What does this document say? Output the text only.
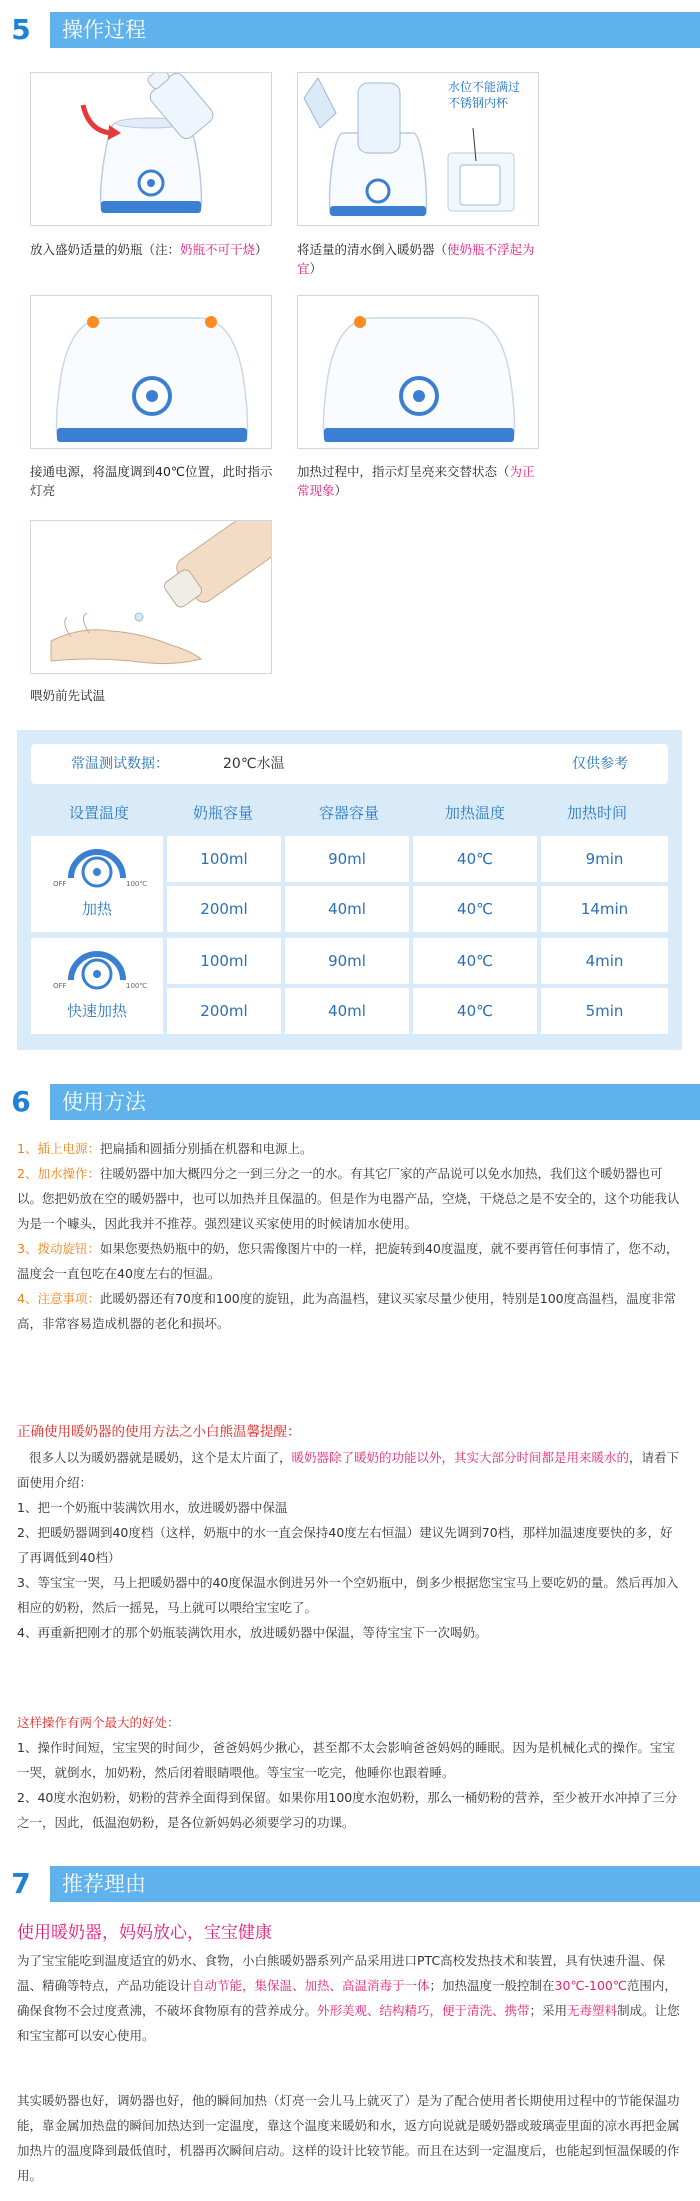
5	操作过程
放入盛奶适量的奶瓶（注：奶瓶不可干烧）
水位不能满过
不锈钢内杯
将适量的清水倒入暖奶器（使奶瓶不浮起为宜）
接通电源，将温度调到40℃位置，此时指示灯亮
加热过程中，指示灯呈亮来交替状态（为正常现象）
喂奶前先试温
常温测试数据：	20℃水温	仅供参考
设置温度	奶瓶容量	容器容量	加热温度	加热时间
OFF	100℃
加热
100ml	90ml	40℃	9min
200ml	40ml	40℃	14min
OFF	100℃
快速加热
100ml	90ml	40℃	4min
200ml	40ml	40℃	5min
6	使用方法
1、插上电源：把扁插和圆插分别插在机器和电源上。
2、加水操作：往暖奶器中加大概四分之一到三分之一的水。有其它厂家的产品说可以免水加热，我们这个暖奶器也可以。您把奶放在空的暖奶器中，也可以加热并且保温的。但是作为电器产品，空烧，干烧总之是不安全的，这个功能我认为是一个噱头，因此我并不推荐。强烈建议买家使用的时候请加水使用。
3、拨动旋钮：如果您要热奶瓶中的奶，您只需像图片中的一样，把旋转到40度温度，就不要再管任何事情了，您不动，温度会一直包吃在40度左右的恒温。
4、注意事项：此暖奶器还有70度和100度的旋钮，此为高温档，建议买家尽量少使用，特别是100度高温档，温度非常高，非常容易造成机器的老化和损坏。
正确使用暖奶器的使用方法之小白熊温馨提醒：
很多人以为暖奶器就是暖奶，这个是太片面了，暖奶器除了暖奶的功能以外，其实大部分时间都是用来暖水的，请看下面使用介绍：
1、把一个奶瓶中装满饮用水，放进暖奶器中保温
2、把暖奶器调到40度档（这样，奶瓶中的水一直会保持40度左右恒温）建议先调到70档，那样加温速度要快的多，好了再调低到40档）
3、等宝宝一哭，马上把暖奶器中的40度保温水倒进另外一个空奶瓶中，倒多少根据您宝宝马上要吃奶的量。然后再加入相应的奶粉，然后一摇晃，马上就可以喂给宝宝吃了。
4、再重新把刚才的那个奶瓶装满饮用水，放进暖奶器中保温，等待宝宝下一次喝奶。
这样操作有两个最大的好处：
1、操作时间短，宝宝哭的时间少，爸爸妈妈少揪心，甚至都不太会影响爸爸妈妈的睡眠。因为是机械化式的操作。宝宝一哭，就倒水，加奶粉，然后闭着眼睛喂他。等宝宝一吃完，他睡你也跟着睡。
2、40度水泡奶粉，奶粉的营养全面得到保留。如果你用100度水泡奶粉，那么一桶奶粉的营养，至少被开水冲掉了三分之一，因此，低温泡奶粉，是各位新妈妈必须要学习的功课。
7	推荐理由
使用暖奶器，妈妈放心，宝宝健康
为了宝宝能吃到温度适宜的奶水、食物，小白熊暖奶器系列产品采用进口PTC高校发热技术和装置，具有快速升温、保温、精确等特点，产品功能设计自动节能，集保温、加热、高温消毒于一体；加热温度一般控制在30℃-100℃范围内，确保食物不会过度煮沸，不破坏食物原有的营养成分。外形美观、结构精巧，便于清洗、携带；采用无毒塑料制成。让您和宝宝都可以安心使用。
其实暖奶器也好，调奶器也好，他的瞬间加热（灯亮一会儿马上就灭了）是为了配合使用者长期使用过程中的节能保温功能，靠金属加热盘的瞬间加热达到一定温度，靠这个温度来暖奶和水，返方向说就是暖奶器或玻璃壶里面的凉水再把金属加热片的温度降到最低值时，机器再次瞬间启动。这样的设计比较节能。而且在达到一定温度后，也能起到恒温保暖的作用。
